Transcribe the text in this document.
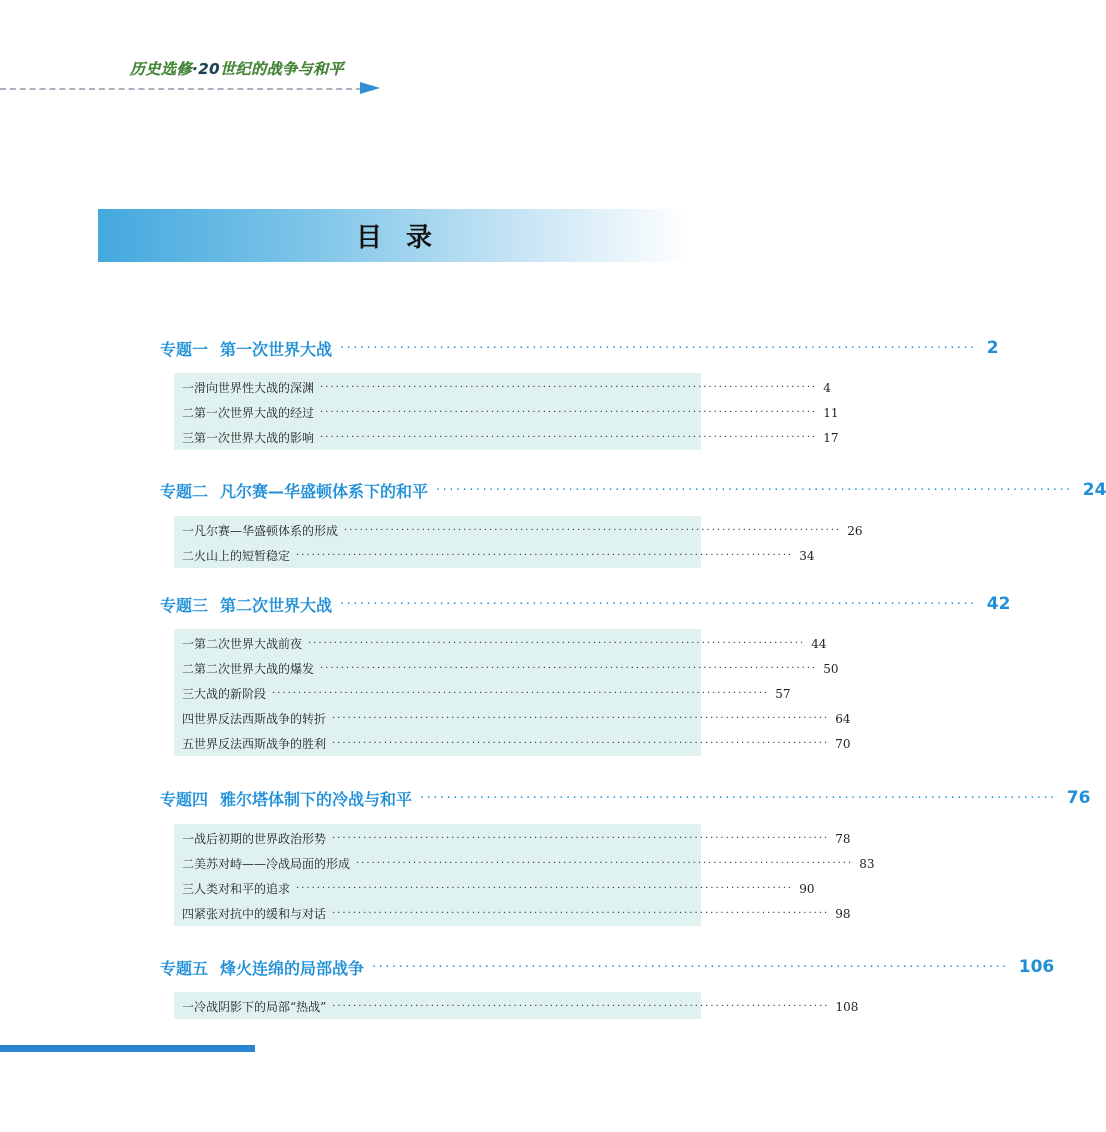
历史选修·20世纪的战争与和平
目录
专题一 第一次世界大战 ································································································ 2
一 滑向世界性大战的深渊 ································································································ 4
二 第一次世界大战的经过 ································································································ 11
三 第一次世界大战的影响 ································································································ 17
专题二 凡尔赛—华盛顿体系下的和平 ································································································ 24
一 凡尔赛—华盛顿体系的形成 ································································································ 26
二 火山上的短暂稳定 ································································································ 34
专题三 第二次世界大战 ································································································ 42
一 第二次世界大战前夜 ································································································ 44
二 第二次世界大战的爆发 ································································································ 50
三 大战的新阶段 ································································································ 57
四 世界反法西斯战争的转折 ································································································ 64
五 世界反法西斯战争的胜利 ································································································ 70
专题四 雅尔塔体制下的冷战与和平 ································································································ 76
一 战后初期的世界政治形势 ································································································ 78
二 美苏对峙——冷战局面的形成 ································································································ 83
三 人类对和平的追求 ································································································ 90
四 紧张对抗中的缓和与对话 ································································································ 98
专题五 烽火连绵的局部战争 ································································································ 106
一 冷战阴影下的局部“热战” ································································································ 108
